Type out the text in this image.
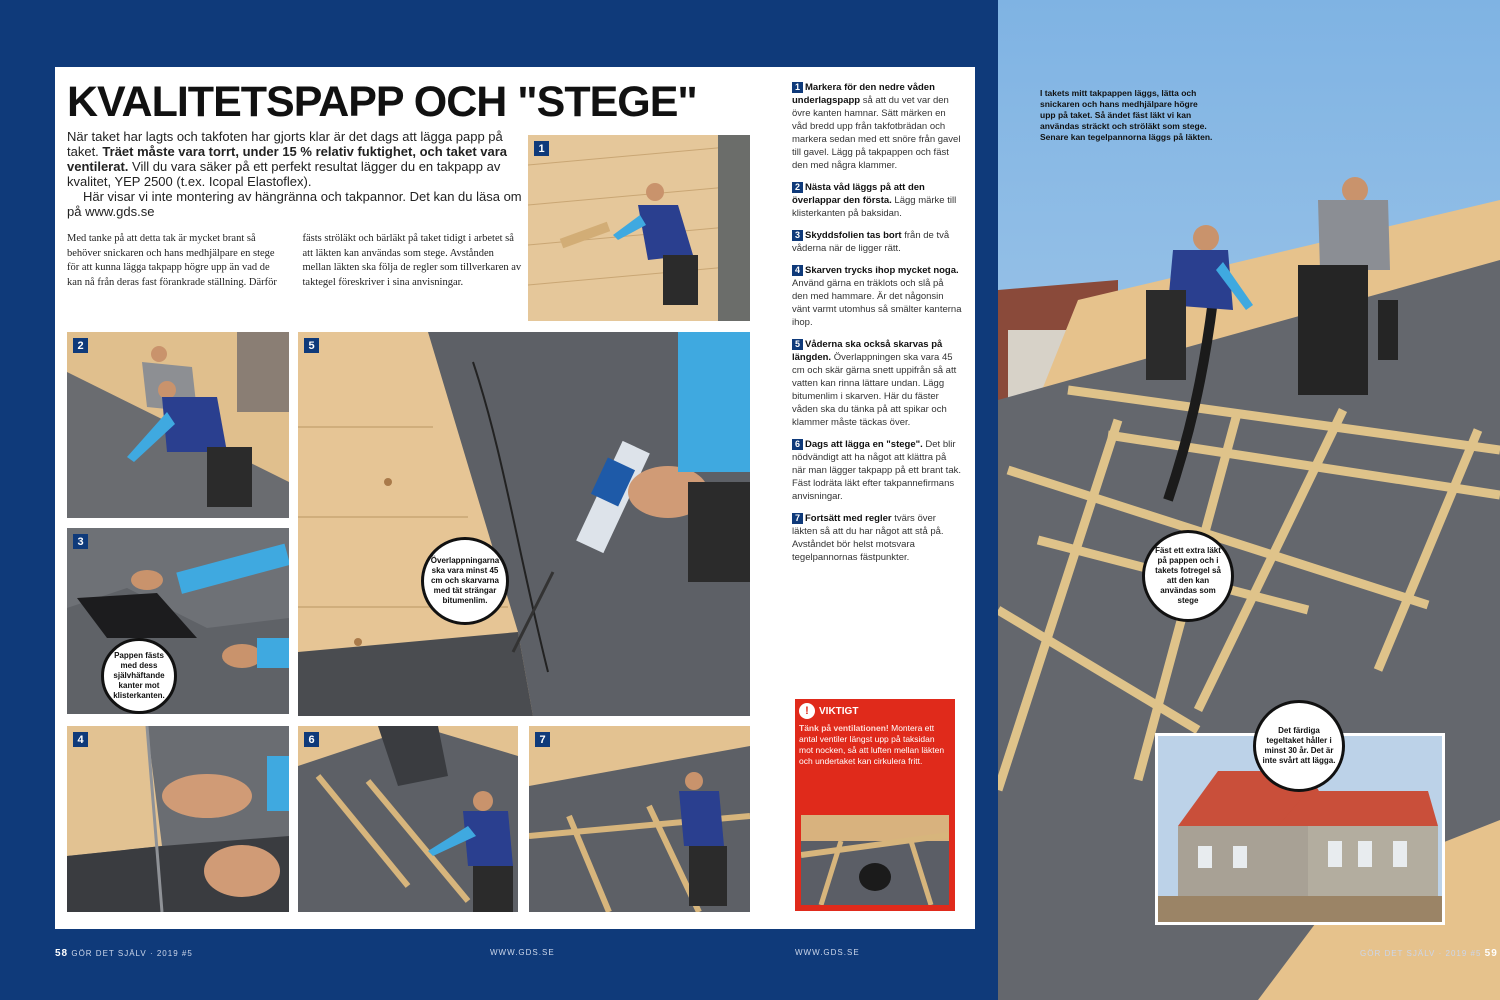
KVALITETSPAPP OCH "STEGE"

När taket har lagts och takfoten har gjorts klar är det dags att lägga papp på taket. Träet måste vara torrt, under 15 % relativ fuktighet, och taket vara ventilerat. Vill du vara säker på ett perfekt resultat lägger du en takpapp av kvalitet, YEP 2500 (t.ex. Icopal Elastoflex).

Här visar vi inte montering av hängränna och takpannor. Det kan du läsa om på www.gds.se

Med tanke på att detta tak är mycket brant så behöver snickaren och hans medhjälpare en stege för att kunna lägga takpapp högre upp än vad de kan nå från deras fast förankrade ställning. Därför

fästs ströläkt och bärläkt på taket tidigt i arbetet så att läkten kan användas som stege. Avstånden mellan läkten ska följa de regler som tillverkaren av taktegel föreskriver i sina anvisningar.

1
2
3
Pappen fästs med dess självhäftande kanter mot klisterkanten.
4
5
Överlappningarna ska vara minst 45 cm och skarvarna med tät strängar bitumenlim.
6	7
1 Markera för den nedre våden underlagspapp så att du vet var den övre kanten hamnar. Sätt märken en våd bredd upp från takfotbrädan och markera sedan med ett snöre från gavel till gavel. Lägg på takpappen och fäst den med några klammer.
2 Nästa våd läggs på att den överlappar den första. Lägg märke till klisterkanten på baksidan.
3 Skyddsfolien tas bort från de två våderna när de ligger rätt.
4 Skarven trycks ihop mycket noga. Använd gärna en träklots och slå på den med hammare. Är det någonsin vänt varmt utomhus så smälter kanterna ihop.
5 Våderna ska också skarvas på längden. Överlappningen ska vara 45 cm och skär gärna snett uppifrån så att vatten kan rinna lättare undan. Lägg bitumenlim i skarven. Här du fäster våden ska du tänka på att spikar och klammer måste täckas över.
6 Dags att lägga en "stege". Det blir nödvändigt att ha något att klättra på när man lägger takpapp på ett brant tak. Fäst lodräta läkt efter takpannefirmans anvisningar.
7 Fortsätt med regler tvärs över läkten så att du har något att stå på. Avståndet bör helst motsvara tegelpannornas fästpunkter.
!	VIKTIGT
Tänk på ventilationen! Montera ett antal ventiler längst upp på taksidan mot nocken, så att luften mellan läkten och undertaket kan cirkulera fritt.
58 GÖR DET SJÄLV · 2019 #5	WWW.GDS.SE	WWW.GDS.SE
I takets mitt takpappen läggs, lätta och snickaren och hans medhjälpare högre upp på taket. Så ändet fäst läkt vi kan användas sträckt och ströläkt som stege. Senare kan tegelpannorna läggs på läkten.
Fäst ett extra läkt på pappen och i takets fotregel så att den kan användas som stege
Det färdiga tegeltaket håller i minst 30 år. Det är inte svårt att lägga.
GÖR DET SJÄLV · 2019 #5 59
